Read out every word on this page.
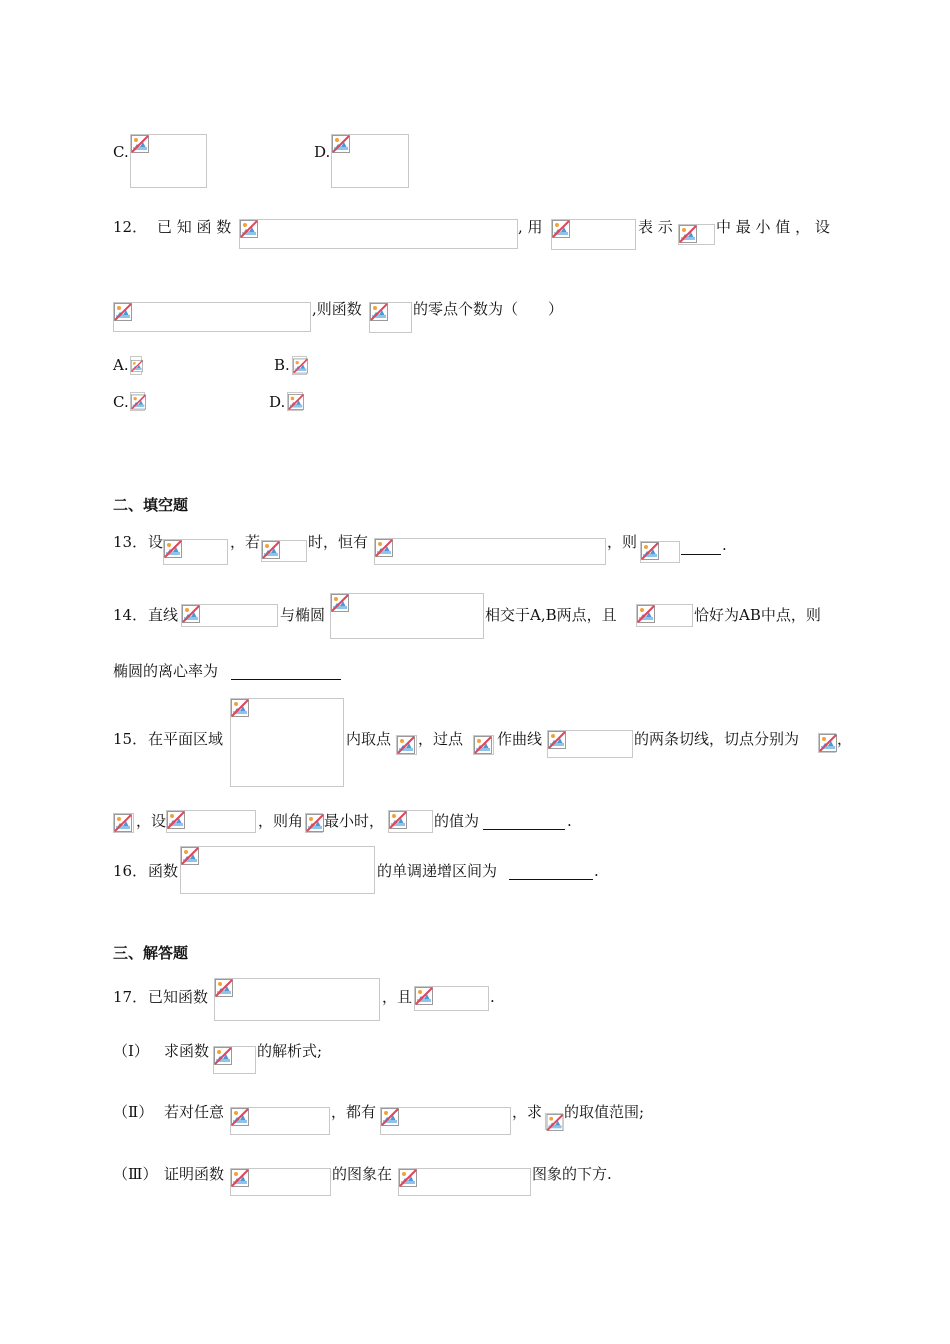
C.	D.
12． 已 知 函 数	, 用	表 示	中 最 小 值 ， 设
,则函数	的零点个数为（　　）
A.	B.
C.	D.
二、填空题
13． 设	，若	时，恒有	，则	.
14． 直线	与椭圆	相交于A,B两点，且	恰好为AB中点，则
椭圆的离心率为
15． 在平面区域	内取点 ，过点 作曲线	的两条切线，切点分别为	，
，设	，则角 最小时，	的值为	.
16． 函数	的单调递增区间为	.
三、解答题
17． 已知函数	，且	.
（Ⅰ） 求函数	的解析式;
（Ⅱ） 若对任意	，都有	，求 的取值范围;
（Ⅲ） 证明函数	的图象在	图象的下方.
